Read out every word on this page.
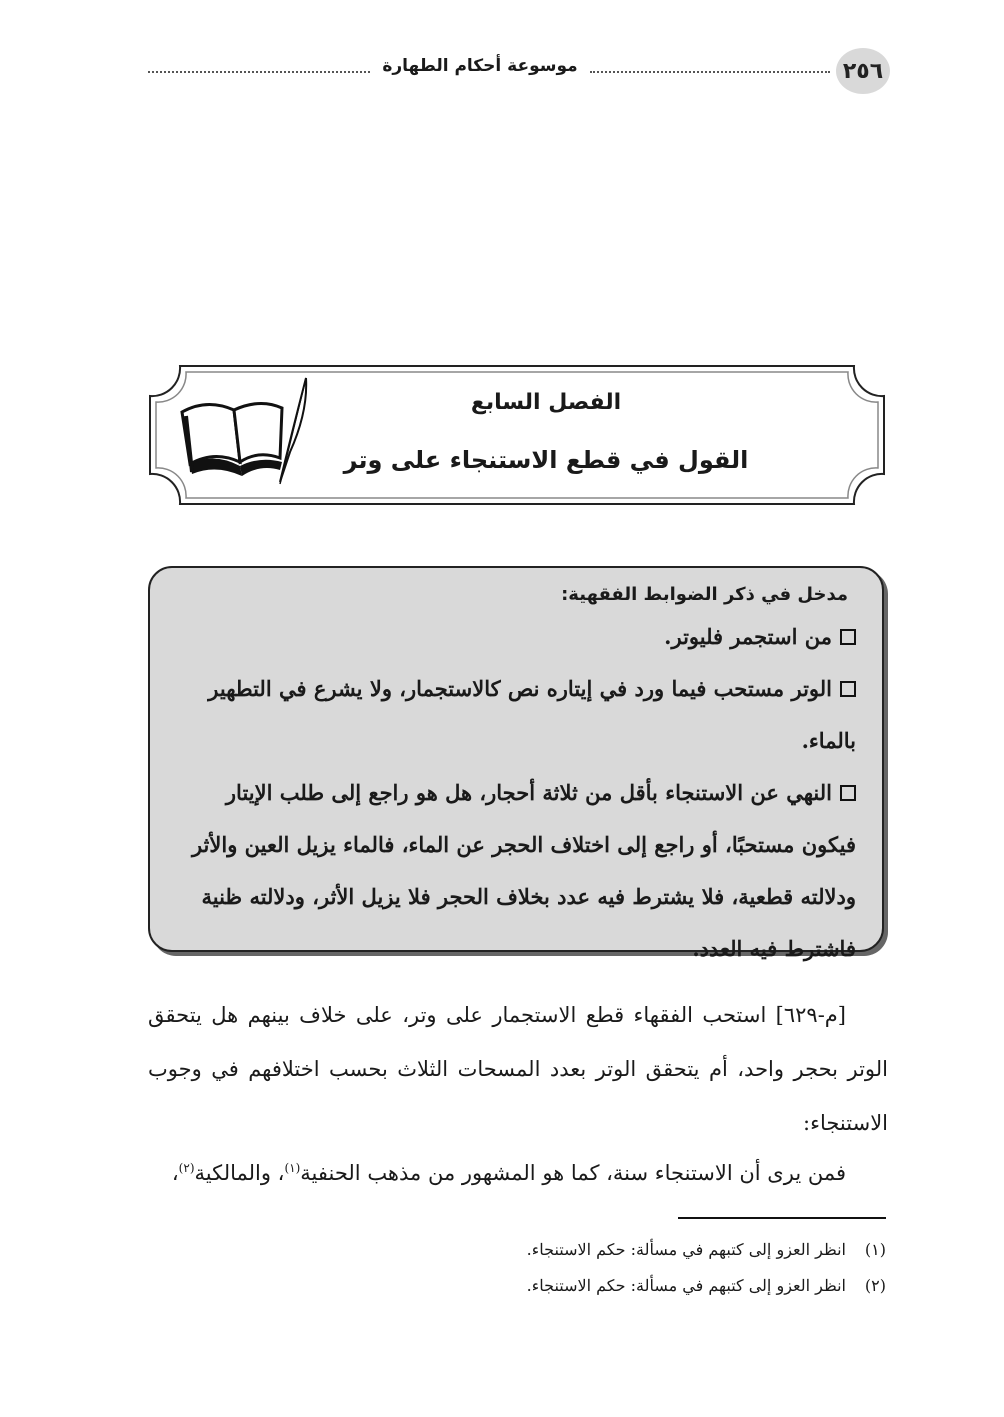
٢٥٦
موسوعة أحكام الطهارة
الفصل السابع
القول في قطع الاستنجاء على وتر
مدخل في ذكر الضوابط الفقهية:
من استجمر فليوتر.
الوتر مستحب فيما ورد في إيتاره نص كالاستجمار، ولا يشرع في التطهير بالماء.
النهي عن الاستنجاء بأقل من ثلاثة أحجار، هل هو راجع إلى طلب الإيتار
فيكون مستحبًا، أو راجع إلى اختلاف الحجر عن الماء، فالماء يزيل العين والأثر
ودلالته قطعية، فلا يشترط فيه عدد بخلاف الحجر فلا يزيل الأثر، ودلالته ظنية
فاشترط فيه العدد.

[م-٦٢٩] استحب الفقهاء قطع الاستجمار على وتر، على خلاف بينهم هل يتحقق الوتر بحجر واحد، أم يتحقق الوتر بعدد المسحات الثلاث بحسب اختلافهم في وجوب الاستنجاء:

فمن يرى أن الاستنجاء سنة، كما هو المشهور من مذهب الحنفية$^{(١)}$، والمالكية$^{(٢)}$،

(١)انظر العزو إلى كتبهم في مسألة: حكم الاستنجاء.
(٢)انظر العزو إلى كتبهم في مسألة: حكم الاستنجاء.
